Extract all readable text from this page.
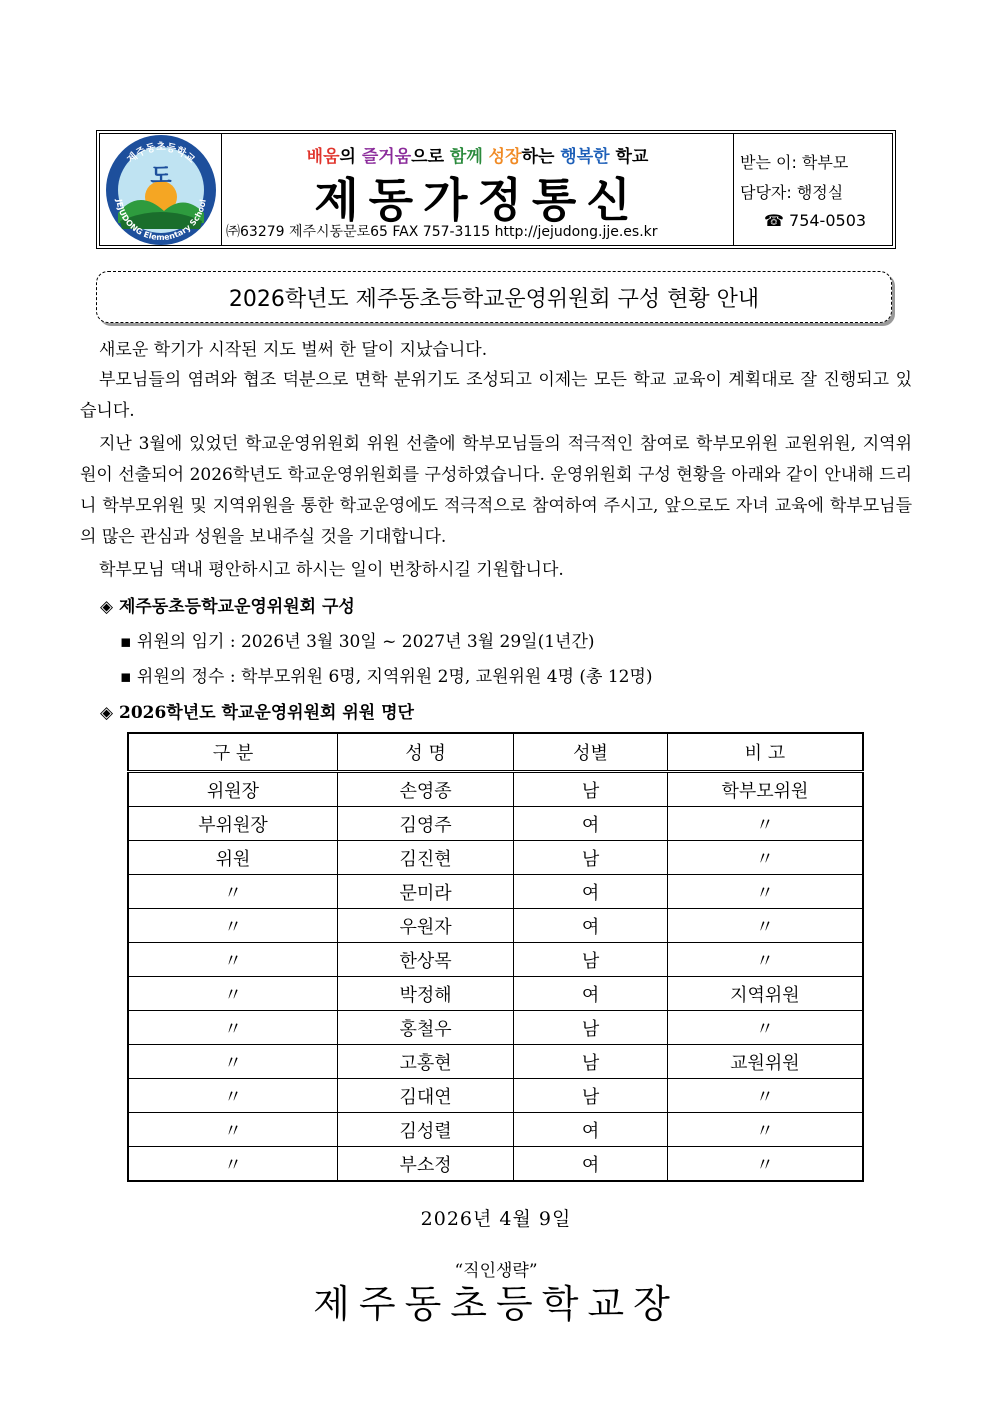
도
제주동초등학교
JEJUDONG Elementary School
배움의 즐거움으로 함께 성장하는 행복한 학교
제동가정통신
㈜63279 제주시동문로65 FAX 757-3115 http://jejudong.jje.es.kr
받는 이: 학부모
담당자: 행정실
☎ 754-0503
2026학년도 제주동초등학교운영위원회 구성 현황 안내
새로운 학기가 시작된 지도 벌써 한 달이 지났습니다.
부모님들의 염려와 협조 덕분으로 면학 분위기도 조성되고 이제는 모든 학교 교육이 계획대로 잘 진행되고 있습니다.
지난 3월에 있었던 학교운영위원회 위원 선출에 학부모님들의 적극적인 참여로 학부모위원 교원위원, 지역위원이 선출되어 2026학년도 학교운영위원회를 구성하였습니다. 운영위원회 구성 현황을 아래와 같이 안내해 드리니 학부모위원 및 지역위원을 통한 학교운영에도 적극적으로 참여하여 주시고, 앞으로도 자녀 교육에 학부모님들의 많은 관심과 성원을 보내주실 것을 기대합니다.
학부모님 댁내 평안하시고 하시는 일이 번창하시길 기원합니다.
◈ 제주동초등학교운영위원회 구성
▪ 위원의 임기 : 2026년 3월 30일 ~ 2027년 3월 29일(1년간)
▪ 위원의 정수 : 학부모위원 6명, 지역위원 2명, 교원위원 4명 (총 12명)
◈ 2026학년도 학교운영위원회 위원 명단
구 분	성 명	성별	비 고
위원장	손영종	남	학부모위원
부위원장	김영주	여	〃
위원	김진현	남	〃
〃	문미라	여	〃
〃	우원자	여	〃
〃	한상목	남	〃
〃	박정해	여	지역위원
〃	홍철우	남	〃
〃	고홍현	남	교원위원
〃	김대연	남	〃
〃	김성렬	여	〃
〃	부소정	여	〃
2026년 4월 9일
“직인생략”
제주동초등학교장
